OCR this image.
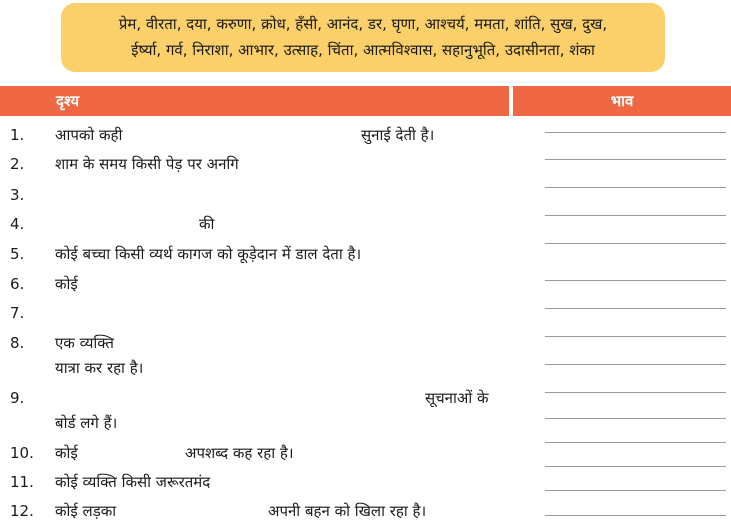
प्रेम, वीरता, दया, करुणा, क्रोध, हँसी, आनंद, डर, घृणा, आश्चर्य, ममता, शांति, सुख, दुख,
ईर्ष्या, गर्व, निराशा, आभार, उत्साह, चिंता, आत्मविश्वास, सहानुभूति, उदासीनता, शंका
दृश्य	भाव
1.	आपको कही	सुनाई देती है।
2.	शाम के समय किसी पेड़ पर अनगि
3.
4.	की
5.	कोई बच्चा किसी व्यर्थ कागज को कूड़ेदान में डाल देता है।
6.	कोई
7.
8.	एक व्यक्ति
यात्रा कर रहा है।
9.	सूचनाओं के
बोर्ड लगे हैं।
10.	कोई	अपशब्द कह रहा है।
11.	कोई व्यक्ति किसी जरूरतमंद
12.	कोई लड़का	अपनी बहन को खिला रहा है।
